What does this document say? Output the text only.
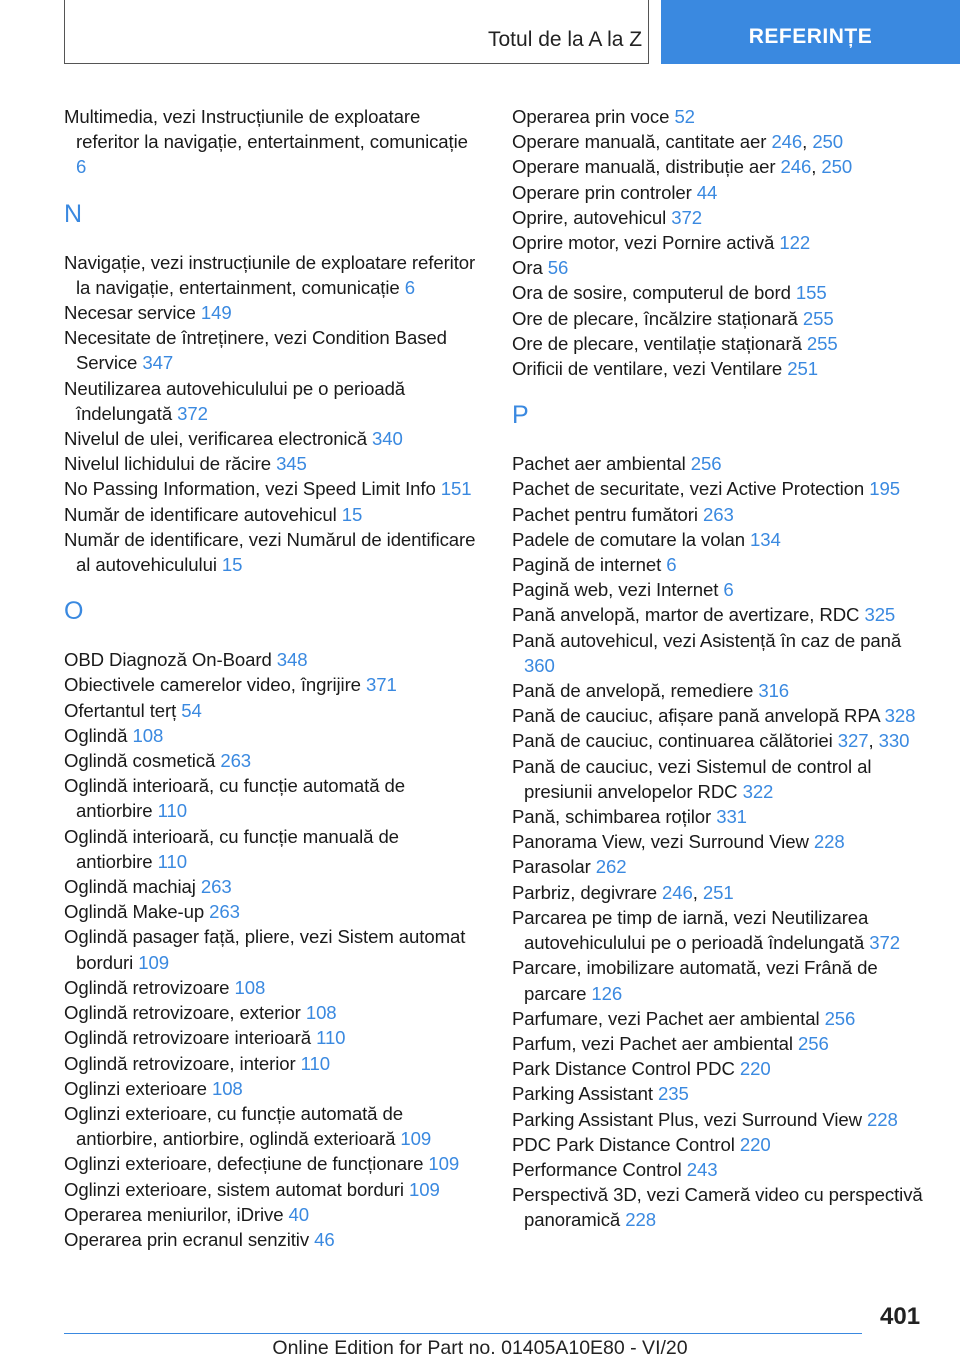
Totul de la A la Z	REFERINȚE
Multimedia, vezi Instrucțiunile de exploatare referitor la navigație, entertainment, comunicație 6
N
Navigație, vezi instrucțiunile de exploatare referitor la navigație, entertainment, comunicație 6
Necesar service 149
Necesitate de întreținere, vezi Condition Based Service 347
Neutilizarea autovehiculului pe o perioadă îndelungată 372
Nivelul de ulei, verificarea electronică 340
Nivelul lichidului de răcire 345
No Passing Information, vezi Speed Limit Info 151
Număr de identificare autovehicul 15
Număr de identificare, vezi Numărul de identificare al autovehiculului 15
O
OBD Diagnoză On-Board 348
Obiectivele camerelor video, îngrijire 371
Ofertantul terț 54
Oglindă 108
Oglindă cosmetică 263
Oglindă interioară, cu funcție automată de antiorbire 110
Oglindă interioară, cu funcție manuală de antiorbire 110
Oglindă machiaj 263
Oglindă Make-up 263
Oglindă pasager față, pliere, vezi Sistem automat borduri 109
Oglindă retrovizoare 108
Oglindă retrovizoare, exterior 108
Oglindă retrovizoare interioară 110
Oglindă retrovizoare, interior 110
Oglinzi exterioare 108
Oglinzi exterioare, cu funcție automată de antiorbire, antiorbire, oglindă exterioară 109
Oglinzi exterioare, defecțiune de funcționare 109
Oglinzi exterioare, sistem automat borduri 109
Operarea meniurilor, iDrive 40
Operarea prin ecranul senzitiv 46
Operarea prin voce 52
Operare manuală, cantitate aer 246, 250
Operare manuală, distribuție aer 246, 250
Operare prin controler 44
Oprire, autovehicul 372
Oprire motor, vezi Pornire activă 122
Ora 56
Ora de sosire, computerul de bord 155
Ore de plecare, încălzire staționară 255
Ore de plecare, ventilație staționară 255
Orificii de ventilare, vezi Ventilare 251
P
Pachet aer ambiental 256
Pachet de securitate, vezi Active Protection 195
Pachet pentru fumători 263
Padele de comutare la volan 134
Pagină de internet 6
Pagină web, vezi Internet 6
Pană anvelopă, martor de avertizare, RDC 325
Pană autovehicul, vezi Asistență în caz de pană 360
Pană de anvelopă, remediere 316
Pană de cauciuc, afișare pană anvelopă RPA 328
Pană de cauciuc, continuarea călătoriei 327, 330
Pană de cauciuc, vezi Sistemul de control al presiunii anvelopelor RDC 322
Pană, schimbarea roților 331
Panorama View, vezi Surround View 228
Parasolar 262
Parbriz, degivrare 246, 251
Parcarea pe timp de iarnă, vezi Neutilizarea autovehiculului pe o perioadă îndelungată 372
Parcare, imobilizare automată, vezi Frână de parcare 126
Parfumare, vezi Pachet aer ambiental 256
Parfum, vezi Pachet aer ambiental 256
Park Distance Control PDC 220
Parking Assistant 235
Parking Assistant Plus, vezi Surround View 228
PDC Park Distance Control 220
Performance Control 243
Perspectivă 3D, vezi Cameră video cu perspectivă panoramică 228
401
Online Edition for Part no. 01405A10E80 - VI/20
